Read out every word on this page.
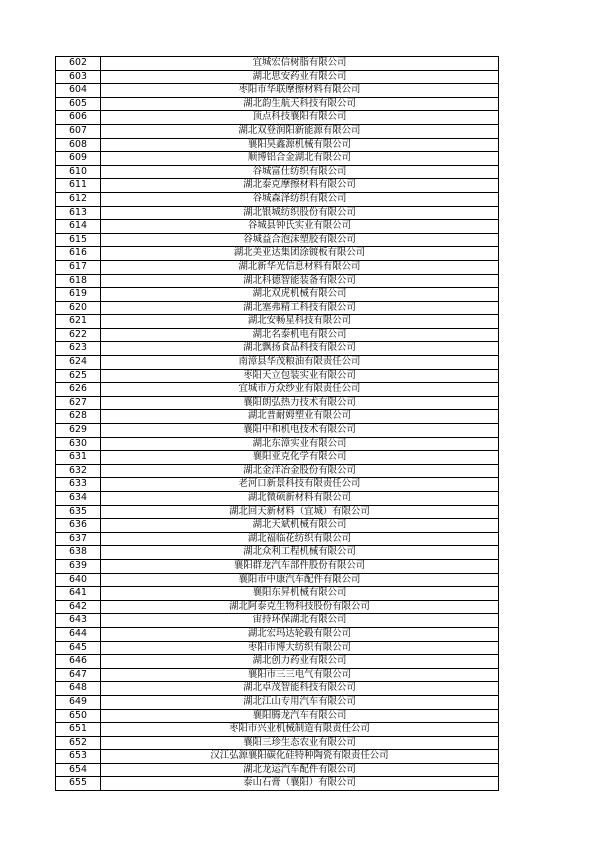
602	宜城宏信树脂有限公司
603	湖北思安药业有限公司
604	枣阳市华联摩擦材料有限公司
605	湖北韵生航天科技有限公司
606	顶点科技襄阳有限公司
607	湖北双登润阳新能源有限公司
608	襄阳昊鑫源机械有限公司
609	顺博铝合金湖北有限公司
610	谷城富仕纺织有限公司
611	湖北泰克摩擦材料有限公司
612	谷城森泽纺织有限公司
613	湖北银城纺织股份有限公司
614	谷城县钟氏实业有限公司
615	谷城益合泡沫塑胶有限公司
616	湖北美亚达集团涂镀板有限公司
617	湖北新华光信息材料有限公司
618	湖北科德智能装备有限公司
619	湖北双虎机械有限公司
620	湖北塞弗精工科技有限公司
621	湖北安畅星科技有限公司
622	湖北名泰机电有限公司
623	湖北飘扬食品科技有限公司
624	南漳县华茂粮油有限责任公司
625	枣阳天立包装实业有限公司
626	宜城市万众纱业有限责任公司
627	襄阳朗弘热力技术有限公司
628	湖北普耐姆塑业有限公司
629	襄阳中和机电技术有限公司
630	湖北东漳实业有限公司
631	襄阳亚克化学有限公司
632	湖北金洋冶金股份有限公司
633	老河口新景科技有限责任公司
634	湖北微硕新材料有限公司
635	湖北回天新材料（宜城）有限公司
636	湖北天斌机械有限公司
637	湖北福临花纺织有限公司
638	湖北众利工程机械有限公司
639	襄阳群龙汽车部件股份有限公司
640	襄阳市中康汽车配件有限公司
641	襄阳东昇机械有限公司
642	湖北阿泰克生物科技股份有限公司
643	宙持环保湖北有限公司
644	湖北宏玛达轮毂有限公司
645	枣阳市博大纺织有限公司
646	湖北创力药业有限公司
647	襄阳市三三电气有限公司
648	湖北卓茂智能科技有限公司
649	湖北江山专用汽车有限公司
650	襄阳腾龙汽车有限公司
651	枣阳市兴业机械制造有限责任公司
652	襄阳三珍生态农业有限公司
653	汉江弘源襄阳碳化硅特种陶瓷有限责任公司
654	湖北龙运汽车配件有限公司
655	泰山石膏（襄阳）有限公司
